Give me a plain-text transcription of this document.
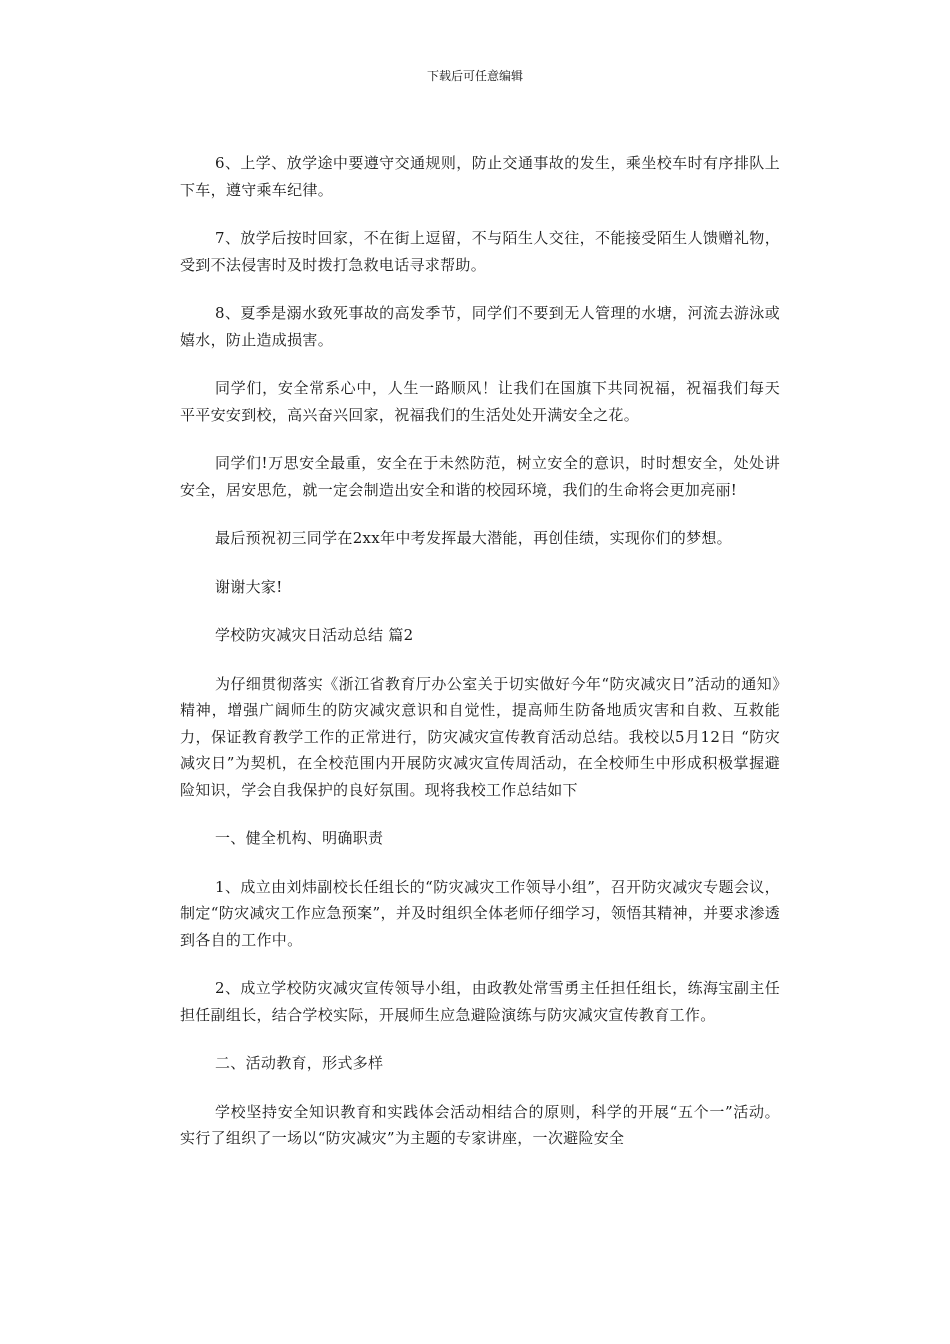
下载后可任意编辑

6、上学、放学途中要遵守交通规则，防止交通事故的发生，乘坐校车时有序排队上下车，遵守乘车纪律。

7、放学后按时回家，不在街上逗留，不与陌生人交往，不能接受陌生人馈赠礼物，受到不法侵害时及时拨打急救电话寻求帮助。

8、夏季是溺水致死事故的高发季节，同学们不要到无人管理的水塘，河流去游泳或嬉水，防止造成损害。

同学们，安全常系心中，人生一路顺风！让我们在国旗下共同祝福，祝福我们每天平平安安到校，高兴奋兴回家，祝福我们的生活处处开满安全之花。

同学们!万思安全最重，安全在于未然防范，树立安全的意识，时时想安全，处处讲安全，居安思危，就一定会制造出安全和谐的校园环境，我们的生命将会更加亮丽!

最后预祝初三同学在2xx年中考发挥最大潜能，再创佳绩，实现你们的梦想。

谢谢大家!

学校防灾减灾日活动总结 篇2

为仔细贯彻落实《浙江省教育厅办公室关于切实做好今年“防灾减灾日”活动的通知》精神，增强广阔师生的防灾减灾意识和自觉性，提高师生防备地质灾害和自救、互救能力，保证教育教学工作的正常进行，防灾减灾宣传教育活动总结。我校以5月12日 “防灾减灾日”为契机，在全校范围内开展防灾减灾宣传周活动，在全校师生中形成积极掌握避险知识，学会自我保护的良好氛围。现将我校工作总结如下

一、健全机构、明确职责

1、成立由刘炜副校长任组长的“防灾减灾工作领导小组”，召开防灾减灾专题会议，制定“防灾减灾工作应急预案”，并及时组织全体老师仔细学习，领悟其精神，并要求渗透到各自的工作中。

2、成立学校防灾减灾宣传领导小组，由政教处常雪勇主任担任组长，练海宝副主任担任副组长，结合学校实际，开展师生应急避险演练与防灾减灾宣传教育工作。

二、活动教育，形式多样

学校坚持安全知识教育和实践体会活动相结合的原则，科学的开展“五个一”活动。实行了组织了一场以“防灾减灾”为主题的专家讲座，一次避险安全
